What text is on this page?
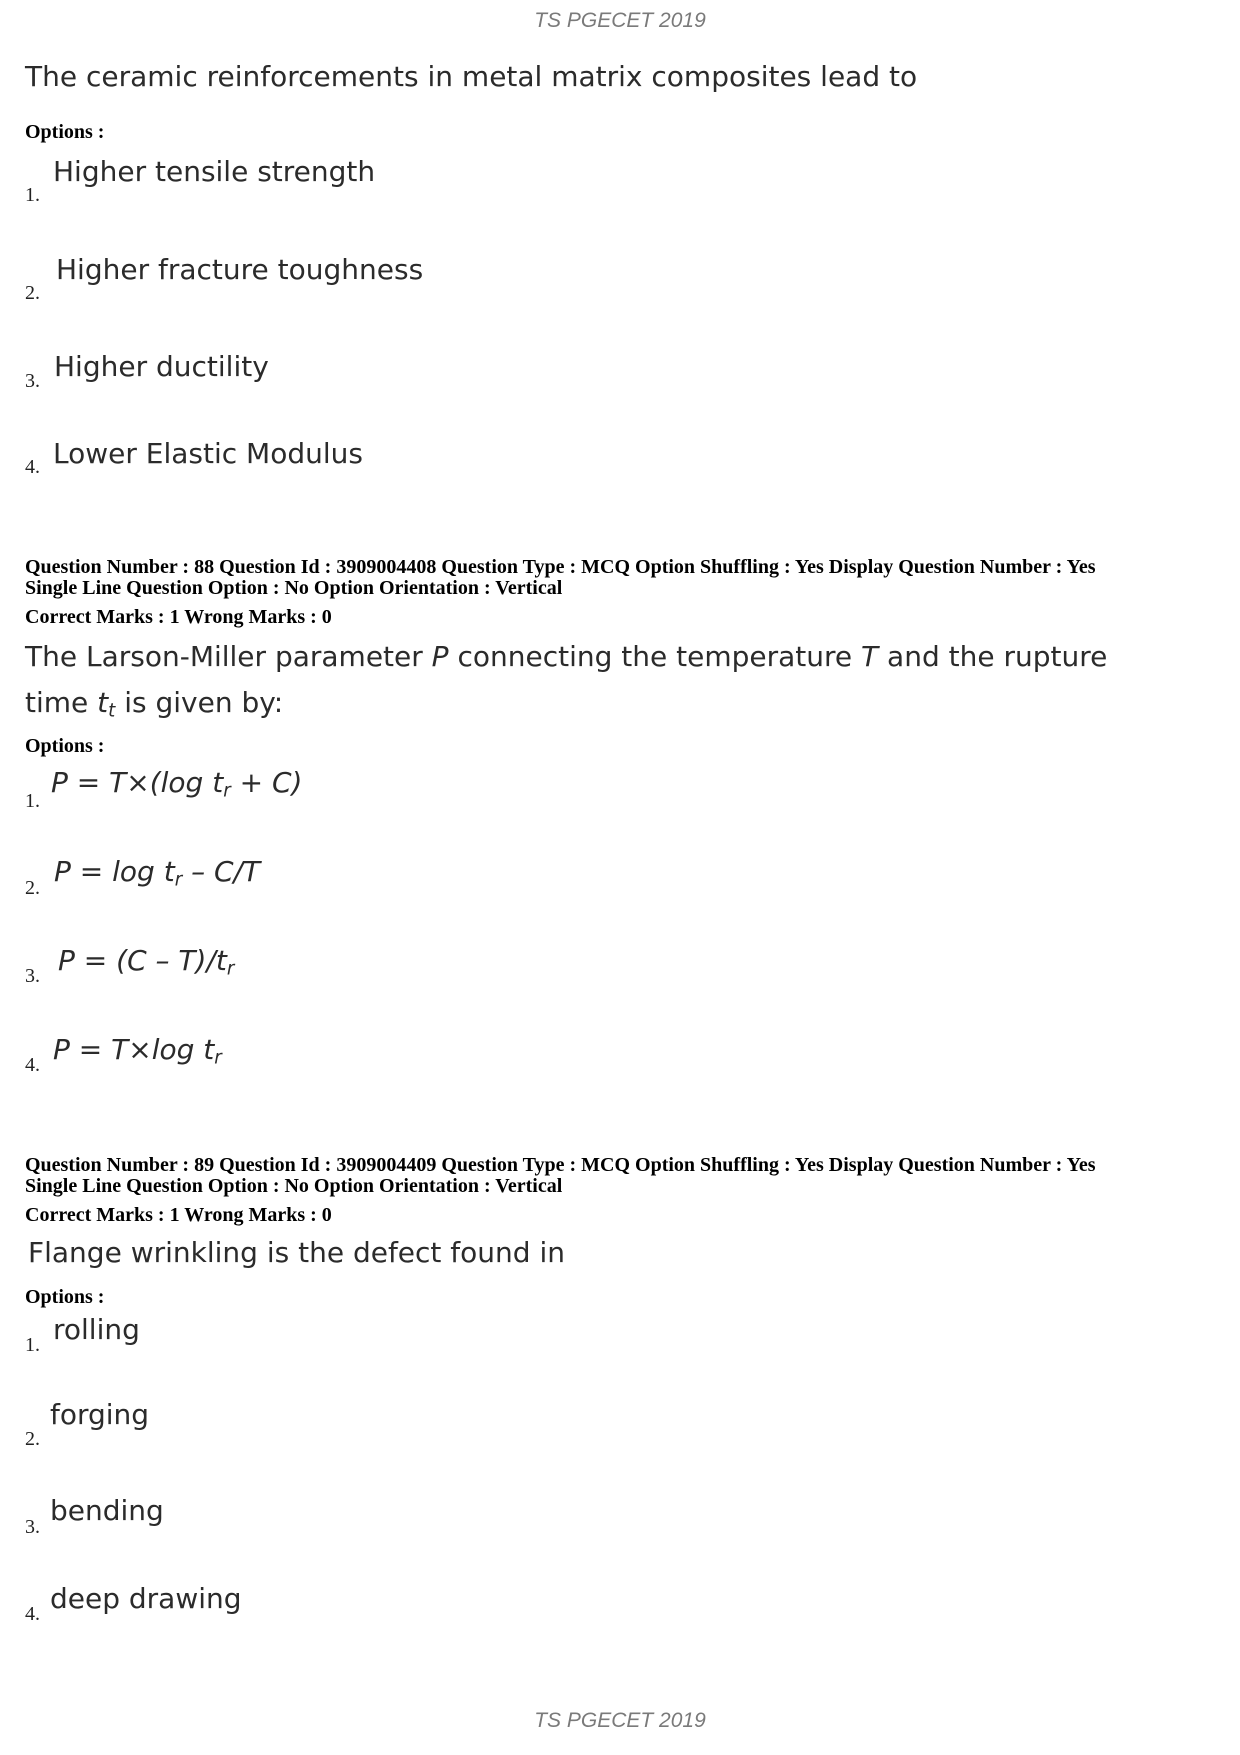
TS PGECET 2019
The ceramic reinforcements in metal matrix composites lead to
Options :
1.
Higher tensile strength
2.
Higher fracture toughness
3. Higher ductility
4. Lower Elastic Modulus
Question Number : 88 Question Id : 3909004408 Question Type : MCQ Option Shuffling : Yes Display Question Number : Yes
Single Line Question Option : No Option Orientation : Vertical
Correct Marks : 1 Wrong Marks : 0
The Larson-Miller parameter P connecting the temperature T and the rupture
time $t_t$ is given by:
Options :
1.
P = T×(log $t_r + C$)
2. $P = \log t_r - C/T$
3. $P = (C - T)/t_r$
4. P = T×log $t_r$
Question Number : 89 Question Id : 3909004409 Question Type : MCQ Option Shuffling : Yes Display Question Number : Yes
Single Line Question Option : No Option Orientation : Vertical
Correct Marks : 1 Wrong Marks : 0
Flange wrinkling is the defect found in
Options :
1. rolling
2.
forging
3. bending
4. deep drawing
TS PGECET 2019
